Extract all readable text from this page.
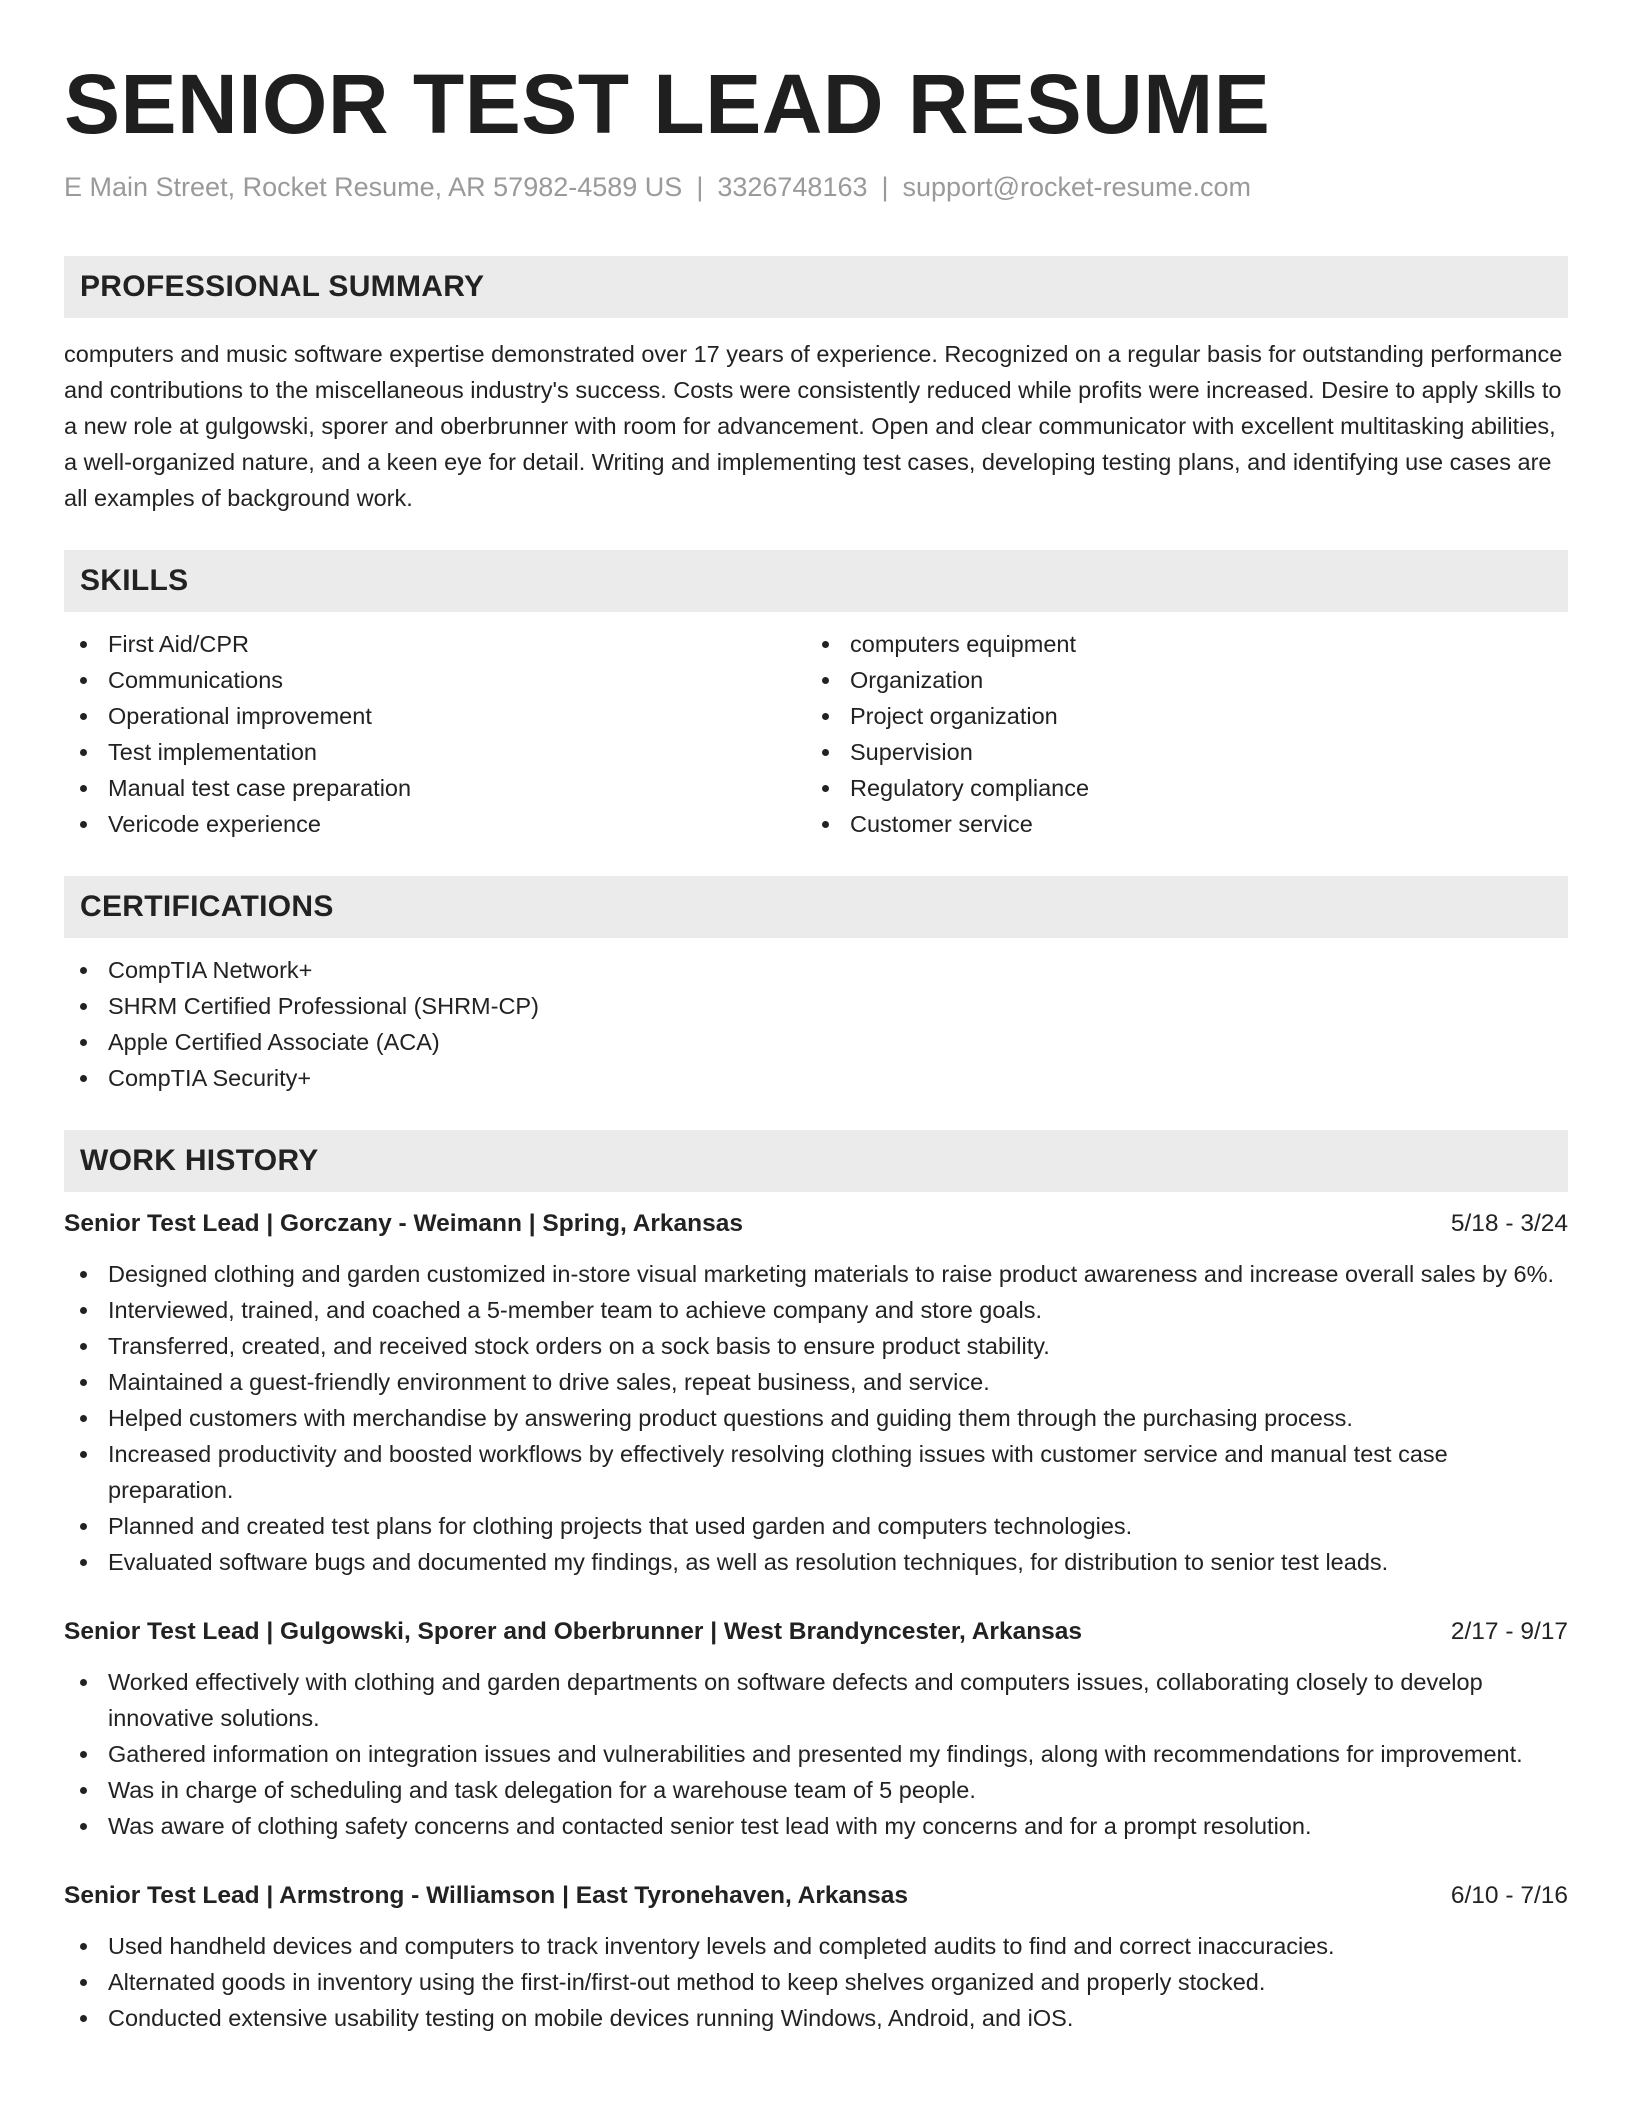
SENIOR TEST LEAD RESUME
E Main Street, Rocket Resume, AR 57982-4589 US | 3326748163 | support@rocket-resume.com
PROFESSIONAL SUMMARY

computers and music software expertise demonstrated over 17 years of experience. Recognized on a regular basis for outstanding performance and contributions to the miscellaneous industry's success. Costs were consistently reduced while profits were increased. Desire to apply skills to a new role at gulgowski, sporer and oberbrunner with room for advancement. Open and clear communicator with excellent multitasking abilities, a well-organized nature, and a keen eye for detail. Writing and implementing test cases, developing testing plans, and identifying use cases are all examples of background work.

SKILLS
First Aid/CPR
Communications
Operational improvement
Test implementation
Manual test case preparation
Vericode experience
computers equipment
Organization
Project organization
Supervision
Regulatory compliance
Customer service
CERTIFICATIONS
CompTIA Network+
SHRM Certified Professional (SHRM-CP)
Apple Certified Associate (ACA)
CompTIA Security+
WORK HISTORY
Senior Test Lead | Gorczany - Weimann | Spring, Arkansas	5/18 - 3/24
Designed clothing and garden customized in-store visual marketing materials to raise product awareness and increase overall sales by 6%.
Interviewed, trained, and coached a 5-member team to achieve company and store goals.
Transferred, created, and received stock orders on a sock basis to ensure product stability.
Maintained a guest-friendly environment to drive sales, repeat business, and service.
Helped customers with merchandise by answering product questions and guiding them through the purchasing process.
Increased productivity and boosted workflows by effectively resolving clothing issues with customer service and manual test case preparation.
Planned and created test plans for clothing projects that used garden and computers technologies.
Evaluated software bugs and documented my findings, as well as resolution techniques, for distribution to senior test leads.
Senior Test Lead | Gulgowski, Sporer and Oberbrunner | West Brandyncester, Arkansas	2/17 - 9/17
Worked effectively with clothing and garden departments on software defects and computers issues, collaborating closely to develop innovative solutions.
Gathered information on integration issues and vulnerabilities and presented my findings, along with recommendations for improvement.
Was in charge of scheduling and task delegation for a warehouse team of 5 people.
Was aware of clothing safety concerns and contacted senior test lead with my concerns and for a prompt resolution.
Senior Test Lead | Armstrong - Williamson | East Tyronehaven, Arkansas	6/10 - 7/16
Used handheld devices and computers to track inventory levels and completed audits to find and correct inaccuracies.
Alternated goods in inventory using the first-in/first-out method to keep shelves organized and properly stocked.
Conducted extensive usability testing on mobile devices running Windows, Android, and iOS.
